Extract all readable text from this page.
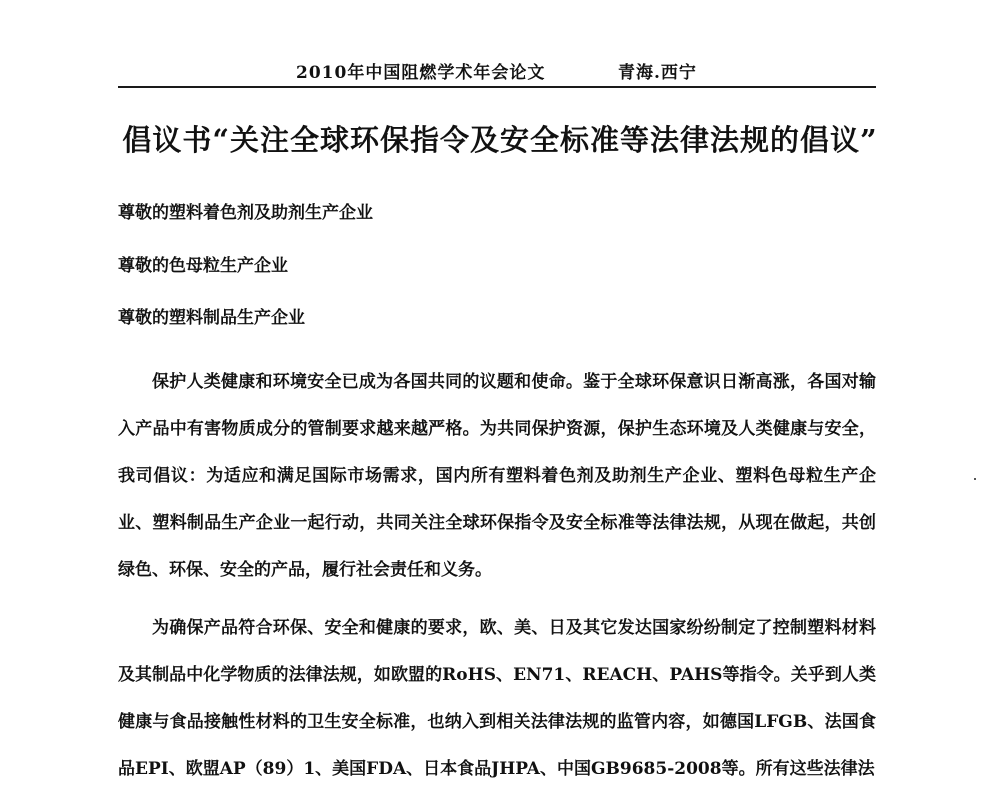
2010年中国阻燃学术年会论文	青海.西宁
倡议书“关注全球环保指令及安全标准等法律法规的倡议”
尊敬的塑料着色剂及助剂生产企业
尊敬的色母粒生产企业
尊敬的塑料制品生产企业

保护人类健康和环境安全已成为各国共同的议题和使命。鉴于全球环保意识日渐高涨，各国对输入产品中有害物质成分的管制要求越来越严格。为共同保护资源，保护生态环境及人类健康与安全，我司倡议：为适应和满足国际市场需求，国内所有塑料着色剂及助剂生产企业、塑料色母粒生产企业、塑料制品生产企业一起行动，共同关注全球环保指令及安全标准等法律法规，从现在做起，共创绿色、环保、安全的产品，履行社会责任和义务。

为确保产品符合环保、安全和健康的要求，欧、美、日及其它发达国家纷纷制定了控制塑料材料及其制品中化学物质的法律法规，如欧盟的RoHS、EN71、REACH、PAHS等指令。关乎到人类健康与食品接触性材料的卫生安全标准，也纳入到相关法律法规的监管内容，如德国LFGB、法国食品EPI、欧盟AP（89）1、美国FDA、日本食品JHPA、中国GB9685-2008等。所有这些法律法
